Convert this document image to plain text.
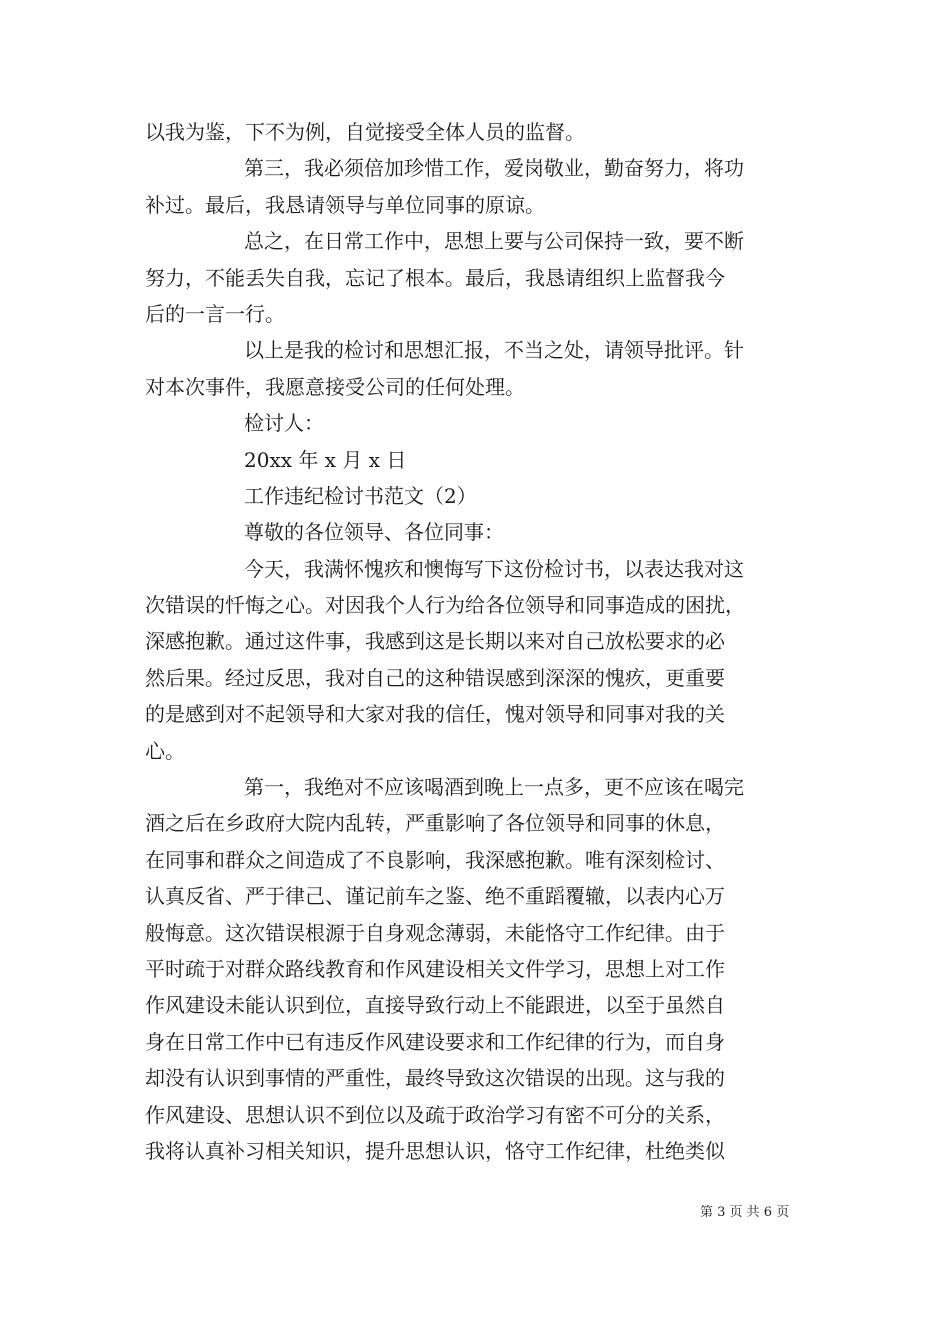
以我为鉴，下不为例，自觉接受全体人员的监督。
第三，我必须倍加珍惜工作，爱岗敬业，勤奋努力，将功
补过。最后，我恳请领导与单位同事的原谅。
总之，在日常工作中，思想上要与公司保持一致，要不断
努力，不能丢失自我，忘记了根本。最后，我恳请组织上监督我今
后的一言一行。
以上是我的检讨和思想汇报，不当之处，请领导批评。针
对本次事件，我愿意接受公司的任何处理。
检讨人：
20xx 年 x 月 x 日
工作违纪检讨书范文（2）
尊敬的各位领导、各位同事：
今天，我满怀愧疚和懊悔写下这份检讨书，以表达我对这
次错误的忏悔之心。对因我个人行为给各位领导和同事造成的困扰，
深感抱歉。通过这件事，我感到这是长期以来对自己放松要求的必
然后果。经过反思，我对自己的这种错误感到深深的愧疚，更重要
的是感到对不起领导和大家对我的信任，愧对领导和同事对我的关
心。
第一，我绝对不应该喝酒到晚上一点多，更不应该在喝完
酒之后在乡政府大院内乱转，严重影响了各位领导和同事的休息，
在同事和群众之间造成了不良影响，我深感抱歉。唯有深刻检讨、
认真反省、严于律己、谨记前车之鉴、绝不重蹈覆辙，以表内心万
般悔意。这次错误根源于自身观念薄弱，未能恪守工作纪律。由于
平时疏于对群众路线教育和作风建设相关文件学习，思想上对工作
作风建设未能认识到位，直接导致行动上不能跟进，以至于虽然自
身在日常工作中已有违反作风建设要求和工作纪律的行为，而自身
却没有认识到事情的严重性，最终导致这次错误的出现。这与我的
作风建设、思想认识不到位以及疏于政治学习有密不可分的关系，
我将认真补习相关知识，提升思想认识，恪守工作纪律，杜绝类似
第 3 页 共 6 页
